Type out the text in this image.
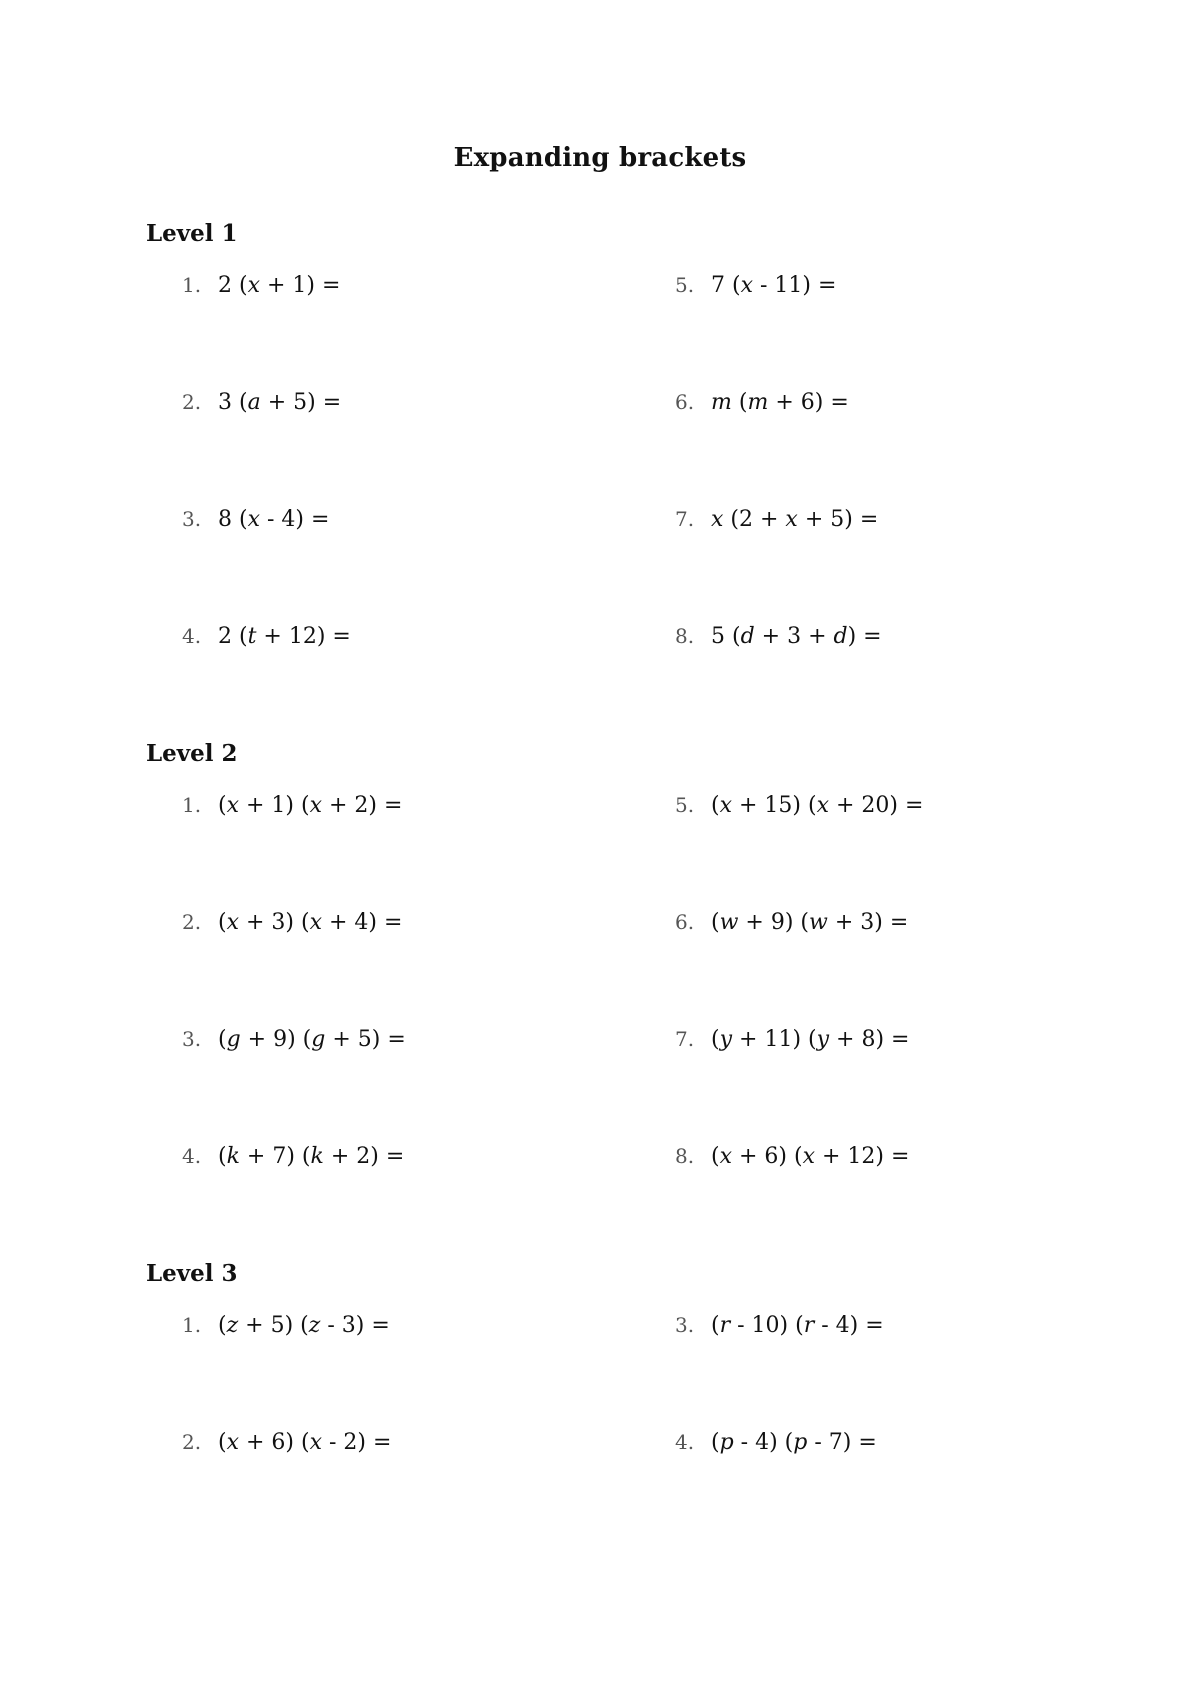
Expanding brackets
Level 1
1. 2 (x + 1) =
2. 3 (a + 5) =
3. 8 (x - 4) =
4. 2 (t + 12) =
5. 7 (x - 11) =
6. m (m + 6) =
7. x (2 + x + 5) =
8. 5 (d + 3 + d) =
Level 2
1. (x + 1) (x + 2) =
2. (x + 3) (x + 4) =
3. (g + 9) (g + 5) =
4. (k + 7) (k + 2) =
5. (x + 15) (x + 20) =
6. (w + 9) (w + 3) =
7. (y + 11) (y + 8) =
8. (x + 6) (x + 12) =
Level 3
1. (z + 5) (z - 3) =
2. (x + 6) (x - 2) =
3. (r - 10) (r - 4) =
4. (p - 4) (p - 7) =
